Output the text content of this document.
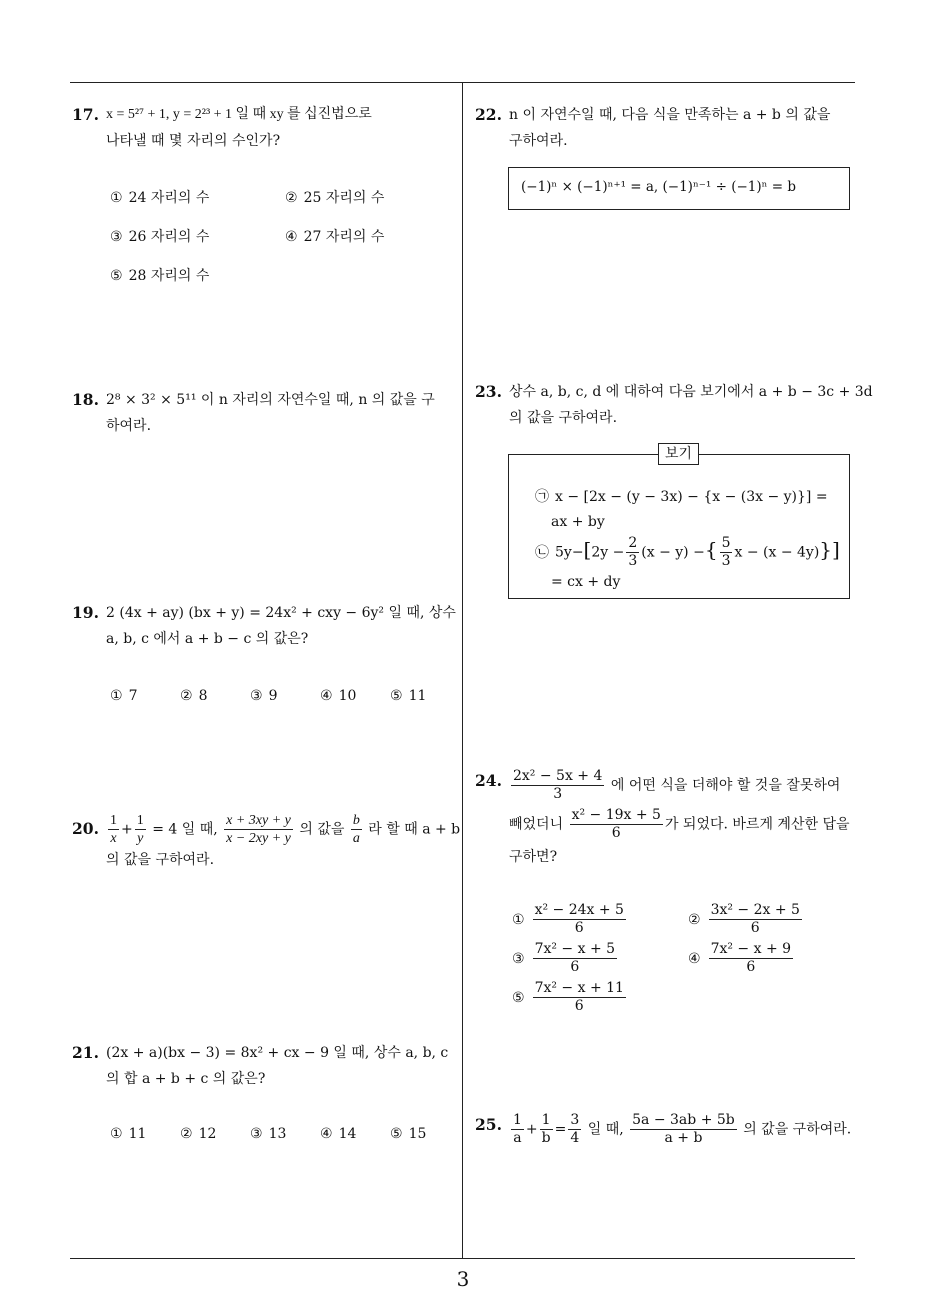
17. x = 5²⁷ + 1, y = 2²³ + 1 일 때 xy 를 십진법으로
나타낼 때 몇 자리의 수인가?
① 24 자리의 수	② 25 자리의 수
③ 26 자리의 수	④ 27 자리의 수
⑤ 28 자리의 수
18. 2⁸ × 3² × 5¹¹ 이 n 자리의 자연수일 때, n 의 값을 구
하여라.
19. 2 (4x + ay) (bx + y) = 24x² + cxy − 6y² 일 때, 상수
a, b, c 에서 a + b − c 의 값은?
① 7	② 8	③ 9	④ 10 ⑤ 11
20. $\frac{1}{x} + \frac{1}{y} = 4$ 일 때, $\frac{x + 3xy + y}{x - 2xy + y}$ 의 값을 $\frac{b}{a}$ 라 할 때 a + b
의 값을 구하여라.
21. (2x + a)(bx − 3) = 8x² + cx − 9 일 때, 상수 a, b, c
의 합 a + b + c 의 값은?
① 11 ② 12 ③ 13 ④ 14 ⑤ 15
22. n 이 자연수일 때, 다음 식을 만족하는 a + b 의 값을
구하여라.
(−1)ⁿ × (−1)ⁿ⁺¹ = a, (−1)ⁿ⁻¹ ÷ (−1)ⁿ = b
23. 상수 a, b, c, d 에 대하여 다음 보기에서 a + b − 3c + 3d
의 값을 구하여라.
㉠ x − [2x − (y − 3x) − {x − (3x − y)}] =
ax + by
㉡ $5y-[2y - \frac{2}{3} (x - y)$ −{ $\frac{5}{3}$ x − (x − 4y)}]
= cx + dy
보기
24. $\frac{\text{2x² − 5x + 4}}{3}$ 에 어떤 식을 더해야 할 것을 잘못하여
빼었더니 $\frac{\text{x² − 19x + 5}}{6}$ 가 되었다. 바르게 계산한 답을
구하면?
① $\frac{\text{x² − 24x + 5}}{6}$	② $\frac{\text{3x² − 2x + 5}}{6}$
③ $\frac{\text{7x² − x + 5}}{6}$	④ $\frac{\text{7x² − x + 9}}{6}$
⑤ $\frac{\text{7x² − x + 11}}{6}$
25. $\frac{1}{a} + \frac{1}{b} = \frac{3}{4}$ 일 때, $\frac{5a - 3ab + 5b}{a + b}$ 의 값을 구하여라.
3
